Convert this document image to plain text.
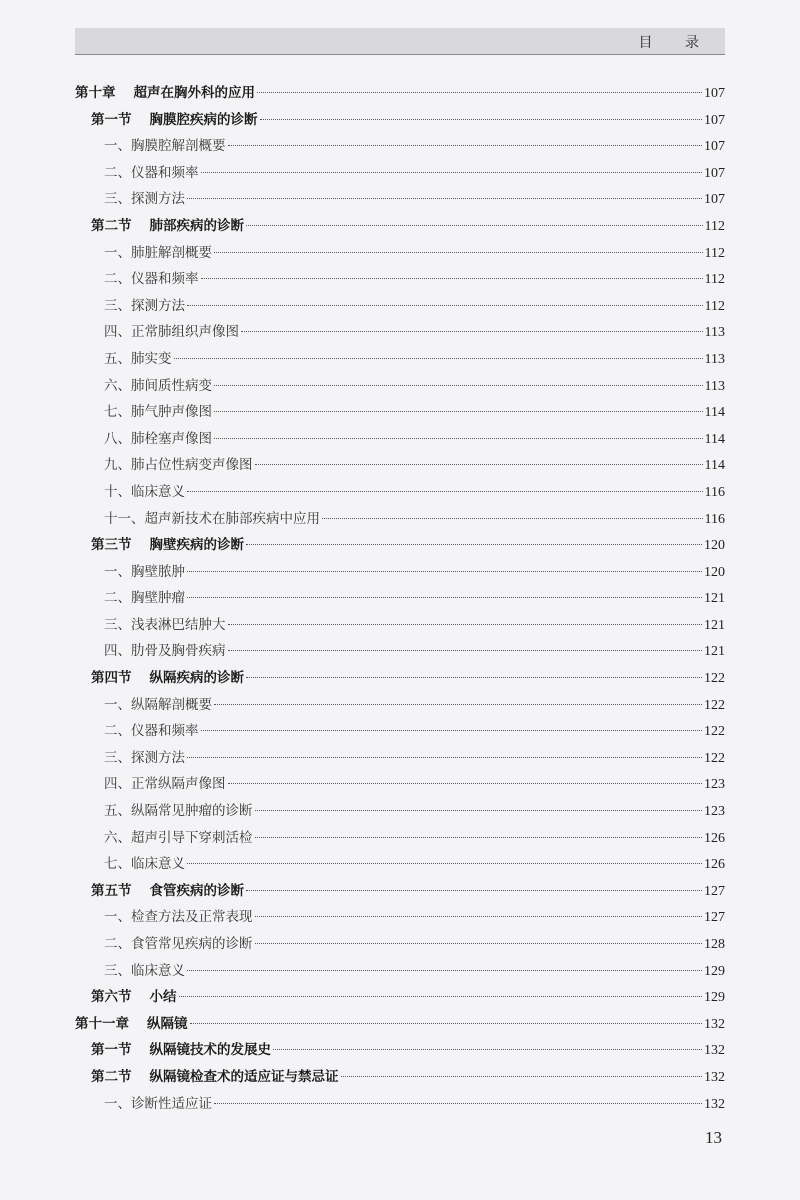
目 录
第十章 超声在胸外科的应用	107
第一节 胸膜腔疾病的诊断	107
一、胸膜腔解剖概要	107
二、仪器和频率	107
三、探测方法	107
第二节 肺部疾病的诊断	112
一、肺脏解剖概要	112
二、仪器和频率	112
三、探测方法	112
四、正常肺组织声像图	113
五、肺实变	113
六、肺间质性病变	113
七、肺气肿声像图	114
八、肺栓塞声像图	114
九、肺占位性病变声像图	114
十、临床意义	116
十一、超声新技术在肺部疾病中应用	116
第三节 胸壁疾病的诊断	120
一、胸壁脓肿	120
二、胸壁肿瘤	121
三、浅表淋巴结肿大	121
四、肋骨及胸骨疾病	121
第四节 纵隔疾病的诊断	122
一、纵隔解剖概要	122
二、仪器和频率	122
三、探测方法	122
四、正常纵隔声像图	123
五、纵隔常见肿瘤的诊断	123
六、超声引导下穿刺活检	126
七、临床意义	126
第五节 食管疾病的诊断	127
一、检查方法及正常表现	127
二、食管常见疾病的诊断	128
三、临床意义	129
第六节 小结	129
第十一章 纵隔镜	132
第一节 纵隔镜技术的发展史	132
第二节 纵隔镜检查术的适应证与禁忌证	132
一、诊断性适应证	132
13
